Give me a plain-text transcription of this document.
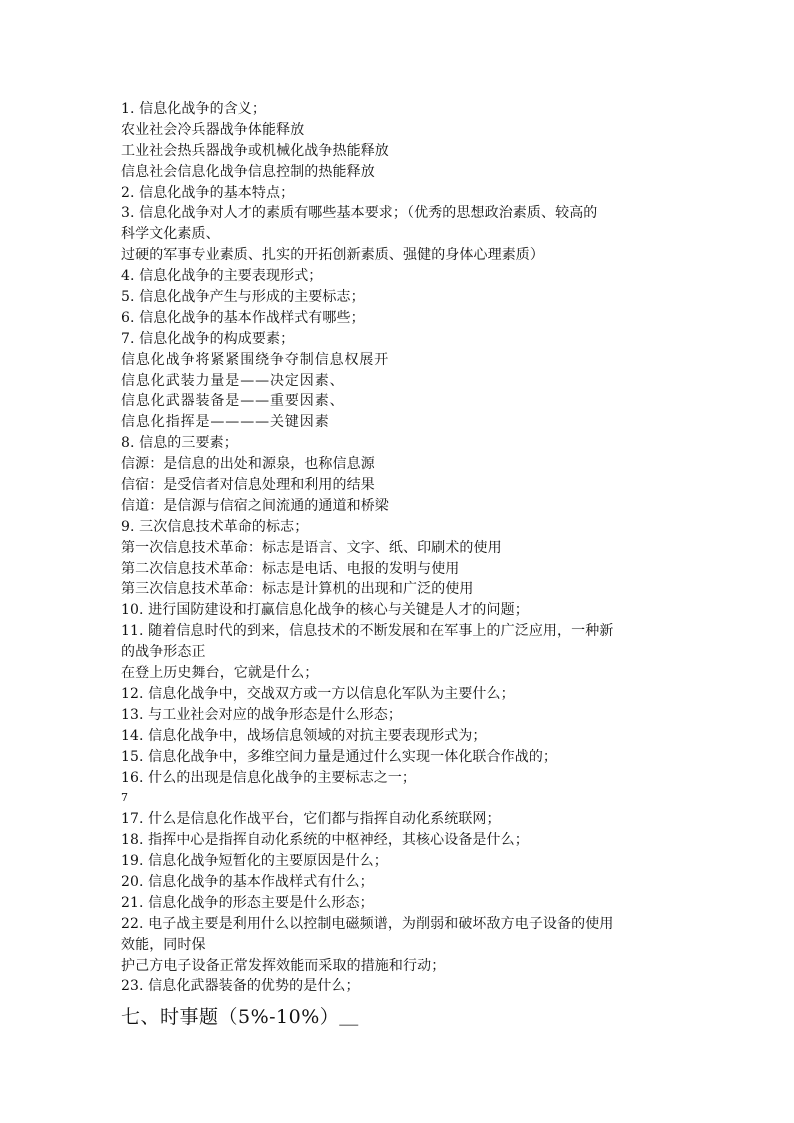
1. 信息化战争的含义；
农业社会冷兵器战争体能释放
工业社会热兵器战争或机械化战争热能释放
信息社会信息化战争信息控制的热能释放
2. 信息化战争的基本特点；
3. 信息化战争对人才的素质有哪些基本要求；（优秀的思想政治素质、较高的
科学文化素质、
过硬的军事专业素质、扎实的开拓创新素质、强健的身体心理素质）
4. 信息化战争的主要表现形式；
5. 信息化战争产生与形成的主要标志；
6. 信息化战争的基本作战样式有哪些；
7. 信息化战争的构成要素；
信息化战争将紧紧围绕争夺制信息权展开
信息化武装力量是——决定因素、
信息化武器装备是——重要因素、
信息化指挥是————关键因素
8. 信息的三要素；
信源：是信息的出处和源泉，也称信息源
信宿：是受信者对信息处理和利用的结果
信道：是信源与信宿之间流通的通道和桥梁
9. 三次信息技术革命的标志；
第一次信息技术革命：标志是语言、文字、纸、印刷术的使用
第二次信息技术革命：标志是电话、电报的发明与使用
第三次信息技术革命：标志是计算机的出现和广泛的使用
10. 进行国防建设和打赢信息化战争的核心与关键是人才的问题；
11. 随着信息时代的到来，信息技术的不断发展和在军事上的广泛应用，一种新
的战争形态正
在登上历史舞台，它就是什么；
12. 信息化战争中，交战双方或一方以信息化军队为主要什么；
13. 与工业社会对应的战争形态是什么形态；
14. 信息化战争中，战场信息领域的对抗主要表现形式为；
15. 信息化战争中，多维空间力量是通过什么实现一体化联合作战的；
16. 什么的出现是信息化战争的主要标志之一；
7
17. 什么是信息化作战平台，它们都与指挥自动化系统联网；
18. 指挥中心是指挥自动化系统的中枢神经，其核心设备是什么；
19. 信息化战争短暂化的主要原因是什么；
20. 信息化战争的基本作战样式有什么；
21. 信息化战争的形态主要是什么形态；
22. 电子战主要是利用什么以控制电磁频谱，为削弱和破坏敌方电子设备的使用
效能，同时保
护己方电子设备正常发挥效能而采取的措施和行动；
23. 信息化武器装备的优势的是什么；
七、时事题（5%-10%）＿
